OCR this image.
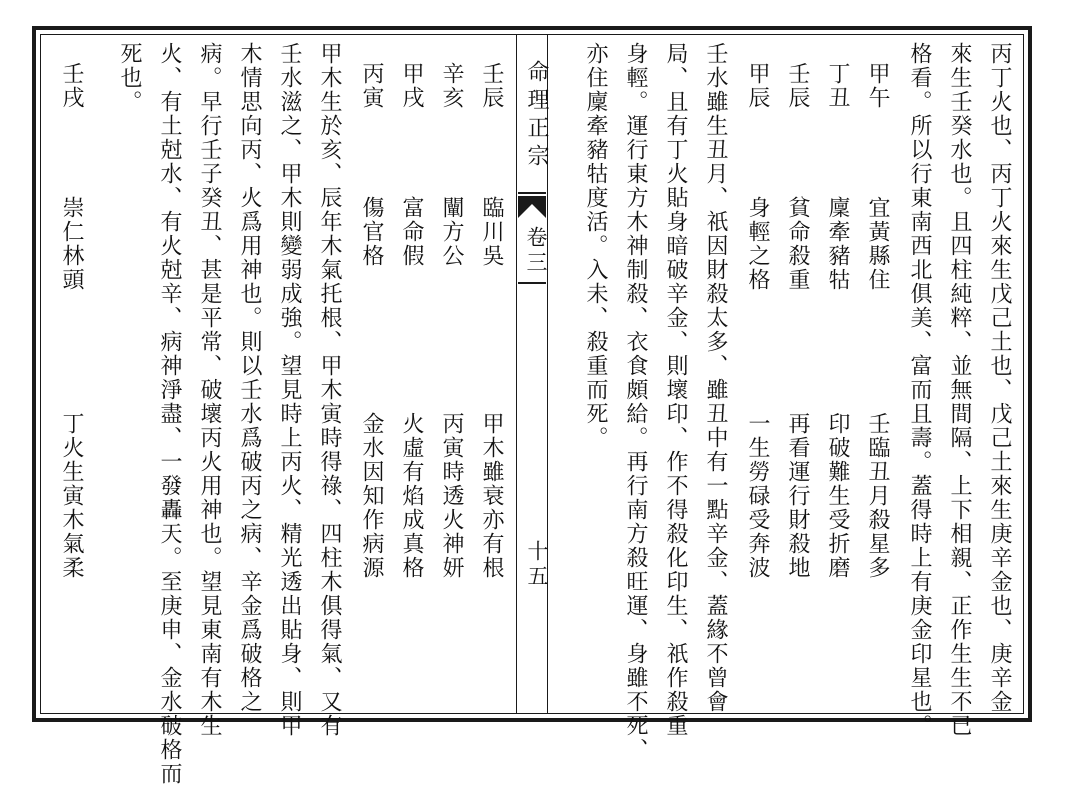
命理正宗
卷三
十五	丙丁火也、丙丁火來生戊己土也、戊己土來生庚辛金也、庚辛金
來生壬癸水也。且四柱純粹、並無間隔、上下相親、正作生生不已
格看。所以行東南西北俱美、富而且壽。蓋得時上有庚金印星也。
甲午
宜黃縣住
壬臨丑月殺星多
丁丑
廩牽豬牯
印破難生受折磨
壬辰
貧命殺重
再看運行財殺地
甲辰
身輕之格
一生勞碌受奔波
壬水雖生丑月、祇因財殺太多、雖丑中有一點辛金、蓋緣不曾會
局、且有丁火貼身暗破辛金、則壞印、作不得殺化印生、祇作殺重
身輕。運行東方木神制殺、衣食頗給。再行南方殺旺運、身雖不死、
亦住廩牽豬牯度活。入未、殺重而死。
壬辰
臨川吳
甲木雖衰亦有根
辛亥
闡方公
丙寅時透火神妍
甲戌
富命假
火虛有焰成真格
丙寅
傷官格
金水因知作病源
甲木生於亥、辰年木氣托根、甲木寅時得祿、四柱木俱得氣、又有
壬水滋之、甲木則變弱成強。望見時上丙火、精光透出貼身、則甲
木情思向丙、火爲用神也。則以壬水爲破丙之病、辛金爲破格之
病。早行壬子癸丑、甚是平常、破壞丙火用神也。望見東南有木生
火、有土尅水、有火尅辛、病神淨盡、一發轟天。至庚申、金水破格而
死也。
壬戌
崇仁林頭
丁火生寅木氣柔
